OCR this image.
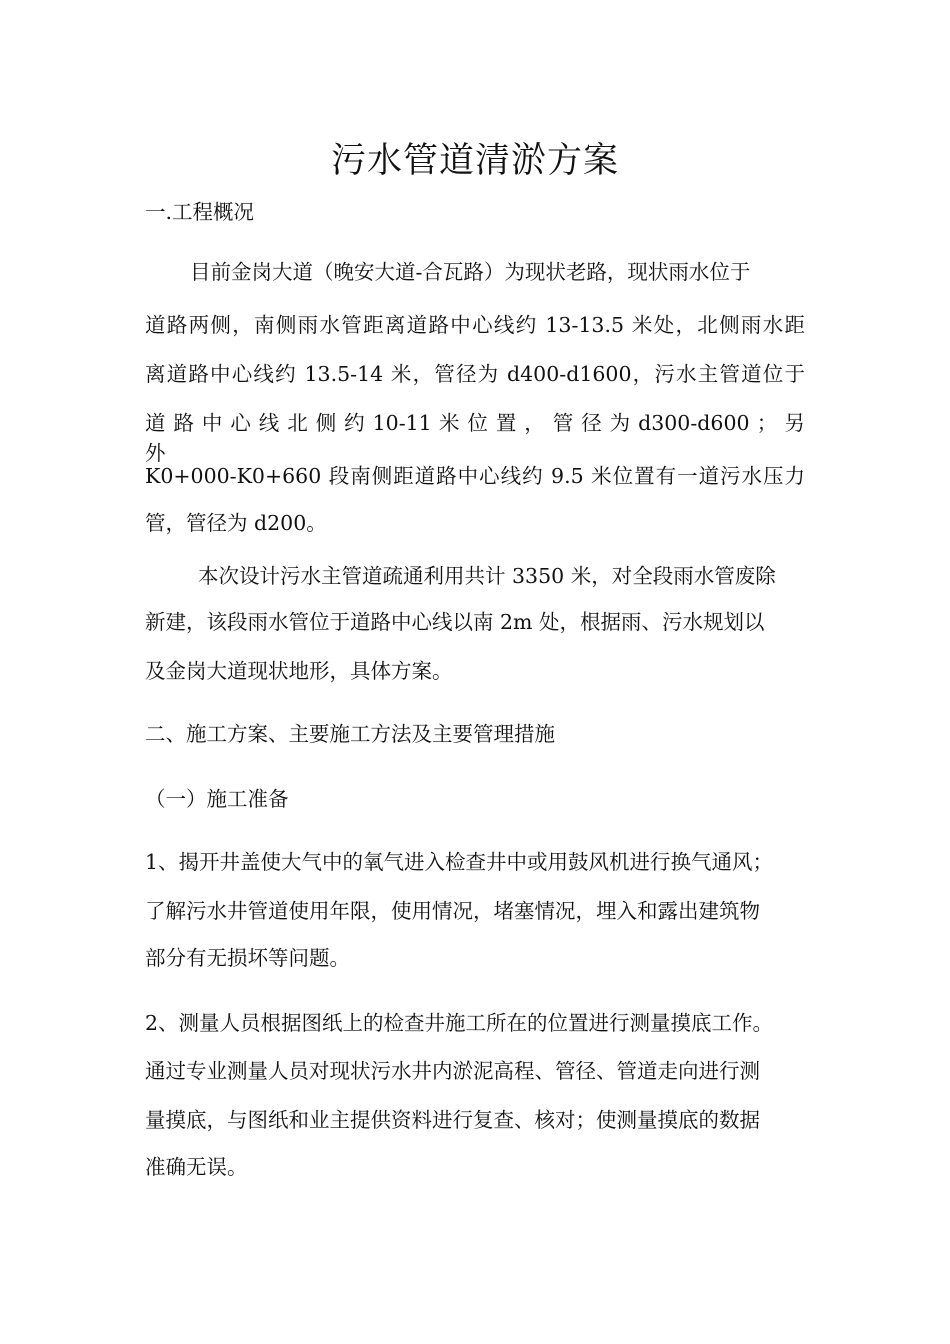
污水管道清淤方案
一.工程概况
目前金岗大道（晚安大道-合瓦路）为现状老路，现状雨水位于
道路两侧，南侧雨水管距离道路中心线约 13-13.5 米处，北侧雨水距
离道路中心线约 13.5-14 米，管径为 d400-d1600，污水主管道位于
道 路 中 心 线 北 侧 约 10-11 米 位 置 ， 管 径 为 d300-d600 ； 另 外
K0+000-K0+660 段南侧距道路中心线约 9.5 米位置有一道污水压力
管，管径为 d200。
本次设计污水主管道疏通利用共计 3350 米，对全段雨水管废除
新建，该段雨水管位于道路中心线以南 2m 处，根据雨、污水规划以
及金岗大道现状地形，具体方案。
二、施工方案、主要施工方法及主要管理措施
（一）施工准备
1、揭开井盖使大气中的氧气进入检查井中或用鼓风机进行换气通风；
了解污水井管道使用年限，使用情况，堵塞情况，埋入和露出建筑物
部分有无损坏等问题。
2、测量人员根据图纸上的检查井施工所在的位置进行测量摸底工作。
通过专业测量人员对现状污水井内淤泥高程、管径、管道走向进行测
量摸底，与图纸和业主提供资料进行复查、核对；使测量摸底的数据
准确无误。
